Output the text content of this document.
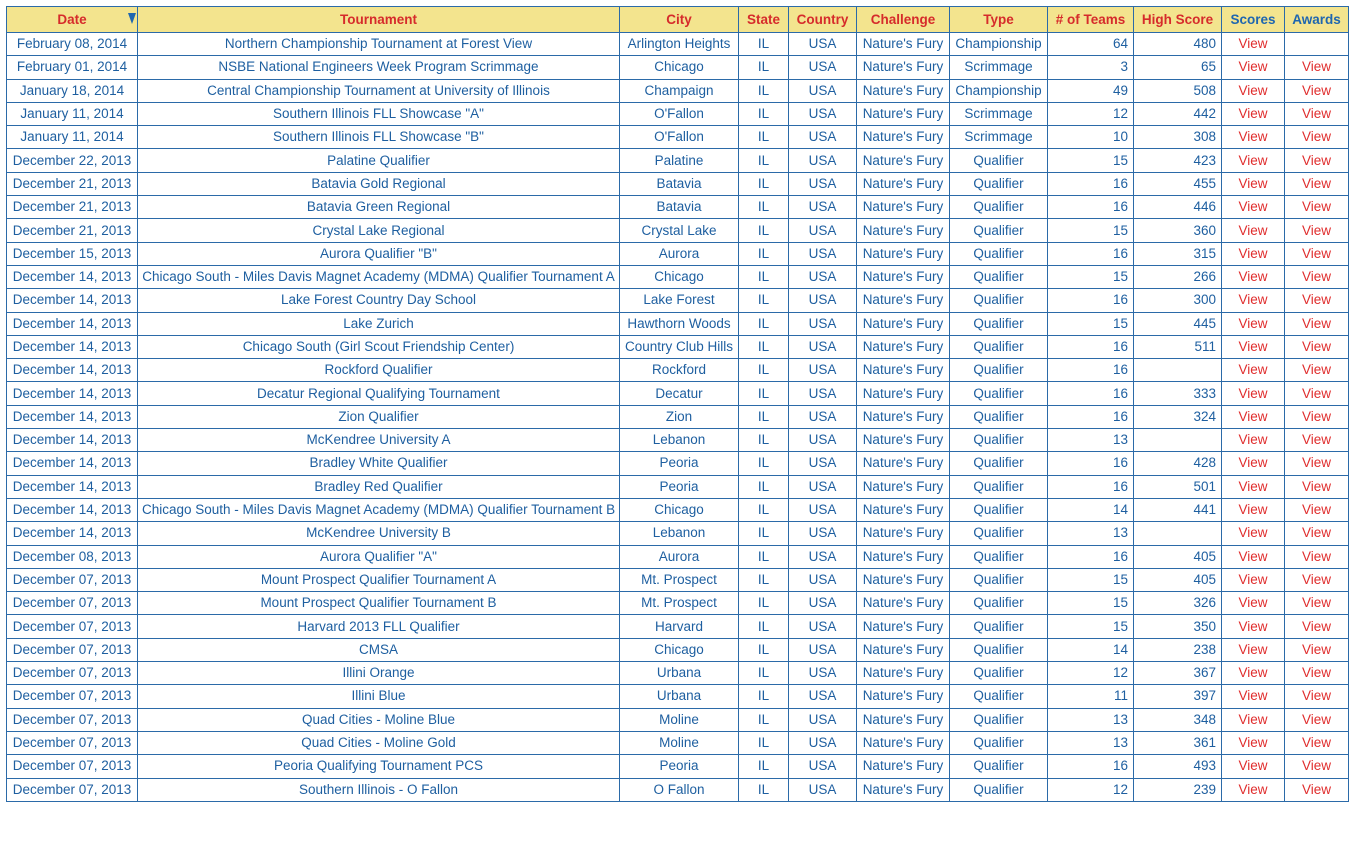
Date	Tournament	City	State	Country	Challenge	Type	# of Teams	High Score	Scores	Awards
February 08, 2014	Northern Championship Tournament at Forest View	Arlington Heights	IL	USA	Nature's Fury	Championship	64	480	View	
February 01, 2014	NSBE National Engineers Week Program Scrimmage	Chicago	IL	USA	Nature's Fury	Scrimmage	3	65	View	View
January 18, 2014	Central Championship Tournament at University of Illinois	Champaign	IL	USA	Nature's Fury	Championship	49	508	View	View
January 11, 2014	Southern Illinois FLL Showcase "A"	O'Fallon	IL	USA	Nature's Fury	Scrimmage	12	442	View	View
January 11, 2014	Southern Illinois FLL Showcase "B"	O'Fallon	IL	USA	Nature's Fury	Scrimmage	10	308	View	View
December 22, 2013	Palatine Qualifier	Palatine	IL	USA	Nature's Fury	Qualifier	15	423	View	View
December 21, 2013	Batavia Gold Regional	Batavia	IL	USA	Nature's Fury	Qualifier	16	455	View	View
December 21, 2013	Batavia Green Regional	Batavia	IL	USA	Nature's Fury	Qualifier	16	446	View	View
December 21, 2013	Crystal Lake Regional	Crystal Lake	IL	USA	Nature's Fury	Qualifier	15	360	View	View
December 15, 2013	Aurora Qualifier "B"	Aurora	IL	USA	Nature's Fury	Qualifier	16	315	View	View
December 14, 2013	Chicago South - Miles Davis Magnet Academy (MDMA) Qualifier Tournament A	Chicago	IL	USA	Nature's Fury	Qualifier	15	266	View	View
December 14, 2013	Lake Forest Country Day School	Lake Forest	IL	USA	Nature's Fury	Qualifier	16	300	View	View
December 14, 2013	Lake Zurich	Hawthorn Woods	IL	USA	Nature's Fury	Qualifier	15	445	View	View
December 14, 2013	Chicago South (Girl Scout Friendship Center)	Country Club Hills	IL	USA	Nature's Fury	Qualifier	16	511	View	View
December 14, 2013	Rockford Qualifier	Rockford	IL	USA	Nature's Fury	Qualifier	16		View	View
December 14, 2013	Decatur Regional Qualifying Tournament	Decatur	IL	USA	Nature's Fury	Qualifier	16	333	View	View
December 14, 2013	Zion Qualifier	Zion	IL	USA	Nature's Fury	Qualifier	16	324	View	View
December 14, 2013	McKendree University A	Lebanon	IL	USA	Nature's Fury	Qualifier	13		View	View
December 14, 2013	Bradley White Qualifier	Peoria	IL	USA	Nature's Fury	Qualifier	16	428	View	View
December 14, 2013	Bradley Red Qualifier	Peoria	IL	USA	Nature's Fury	Qualifier	16	501	View	View
December 14, 2013	Chicago South - Miles Davis Magnet Academy (MDMA) Qualifier Tournament B	Chicago	IL	USA	Nature's Fury	Qualifier	14	441	View	View
December 14, 2013	McKendree University B	Lebanon	IL	USA	Nature's Fury	Qualifier	13		View	View
December 08, 2013	Aurora Qualifier "A"	Aurora	IL	USA	Nature's Fury	Qualifier	16	405	View	View
December 07, 2013	Mount Prospect Qualifier Tournament A	Mt. Prospect	IL	USA	Nature's Fury	Qualifier	15	405	View	View
December 07, 2013	Mount Prospect Qualifier Tournament B	Mt. Prospect	IL	USA	Nature's Fury	Qualifier	15	326	View	View
December 07, 2013	Harvard 2013 FLL Qualifier	Harvard	IL	USA	Nature's Fury	Qualifier	15	350	View	View
December 07, 2013	CMSA	Chicago	IL	USA	Nature's Fury	Qualifier	14	238	View	View
December 07, 2013	Illini Orange	Urbana	IL	USA	Nature's Fury	Qualifier	12	367	View	View
December 07, 2013	Illini Blue	Urbana	IL	USA	Nature's Fury	Qualifier	11	397	View	View
December 07, 2013	Quad Cities - Moline Blue	Moline	IL	USA	Nature's Fury	Qualifier	13	348	View	View
December 07, 2013	Quad Cities - Moline Gold	Moline	IL	USA	Nature's Fury	Qualifier	13	361	View	View
December 07, 2013	Peoria Qualifying Tournament PCS	Peoria	IL	USA	Nature's Fury	Qualifier	16	493	View	View
December 07, 2013	Southern Illinois - O Fallon	O Fallon	IL	USA	Nature's Fury	Qualifier	12	239	View	View
